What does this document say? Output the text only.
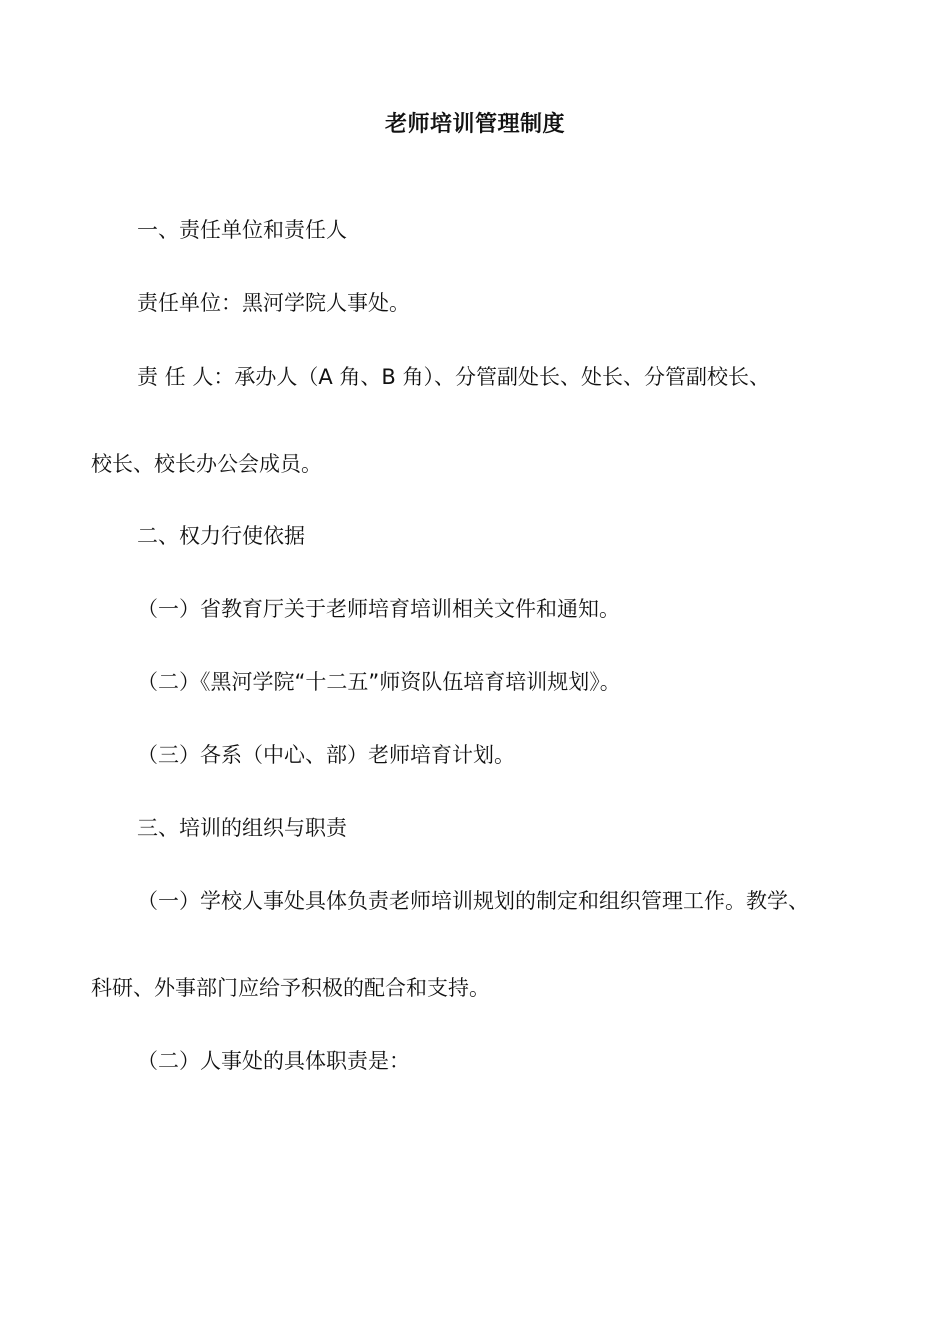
老师培训管理制度
一、责任单位和责任人
责任单位：黑河学院人事处。
责 任 人：承办人（A 角、B 角）、分管副处长、处长、分管副校长、
校长、校长办公会成员。
二、权力行使依据
（一）省教育厅关于老师培育培训相关文件和通知。
（二）《黑河学院“十二五”师资队伍培育培训规划》。
（三）各系（中心、部）老师培育计划。
三、培训的组织与职责
（一）学校人事处具体负责老师培训规划的制定和组织管理工作。教学、
科研、外事部门应给予积极的配合和支持。
（二）人事处的具体职责是：
